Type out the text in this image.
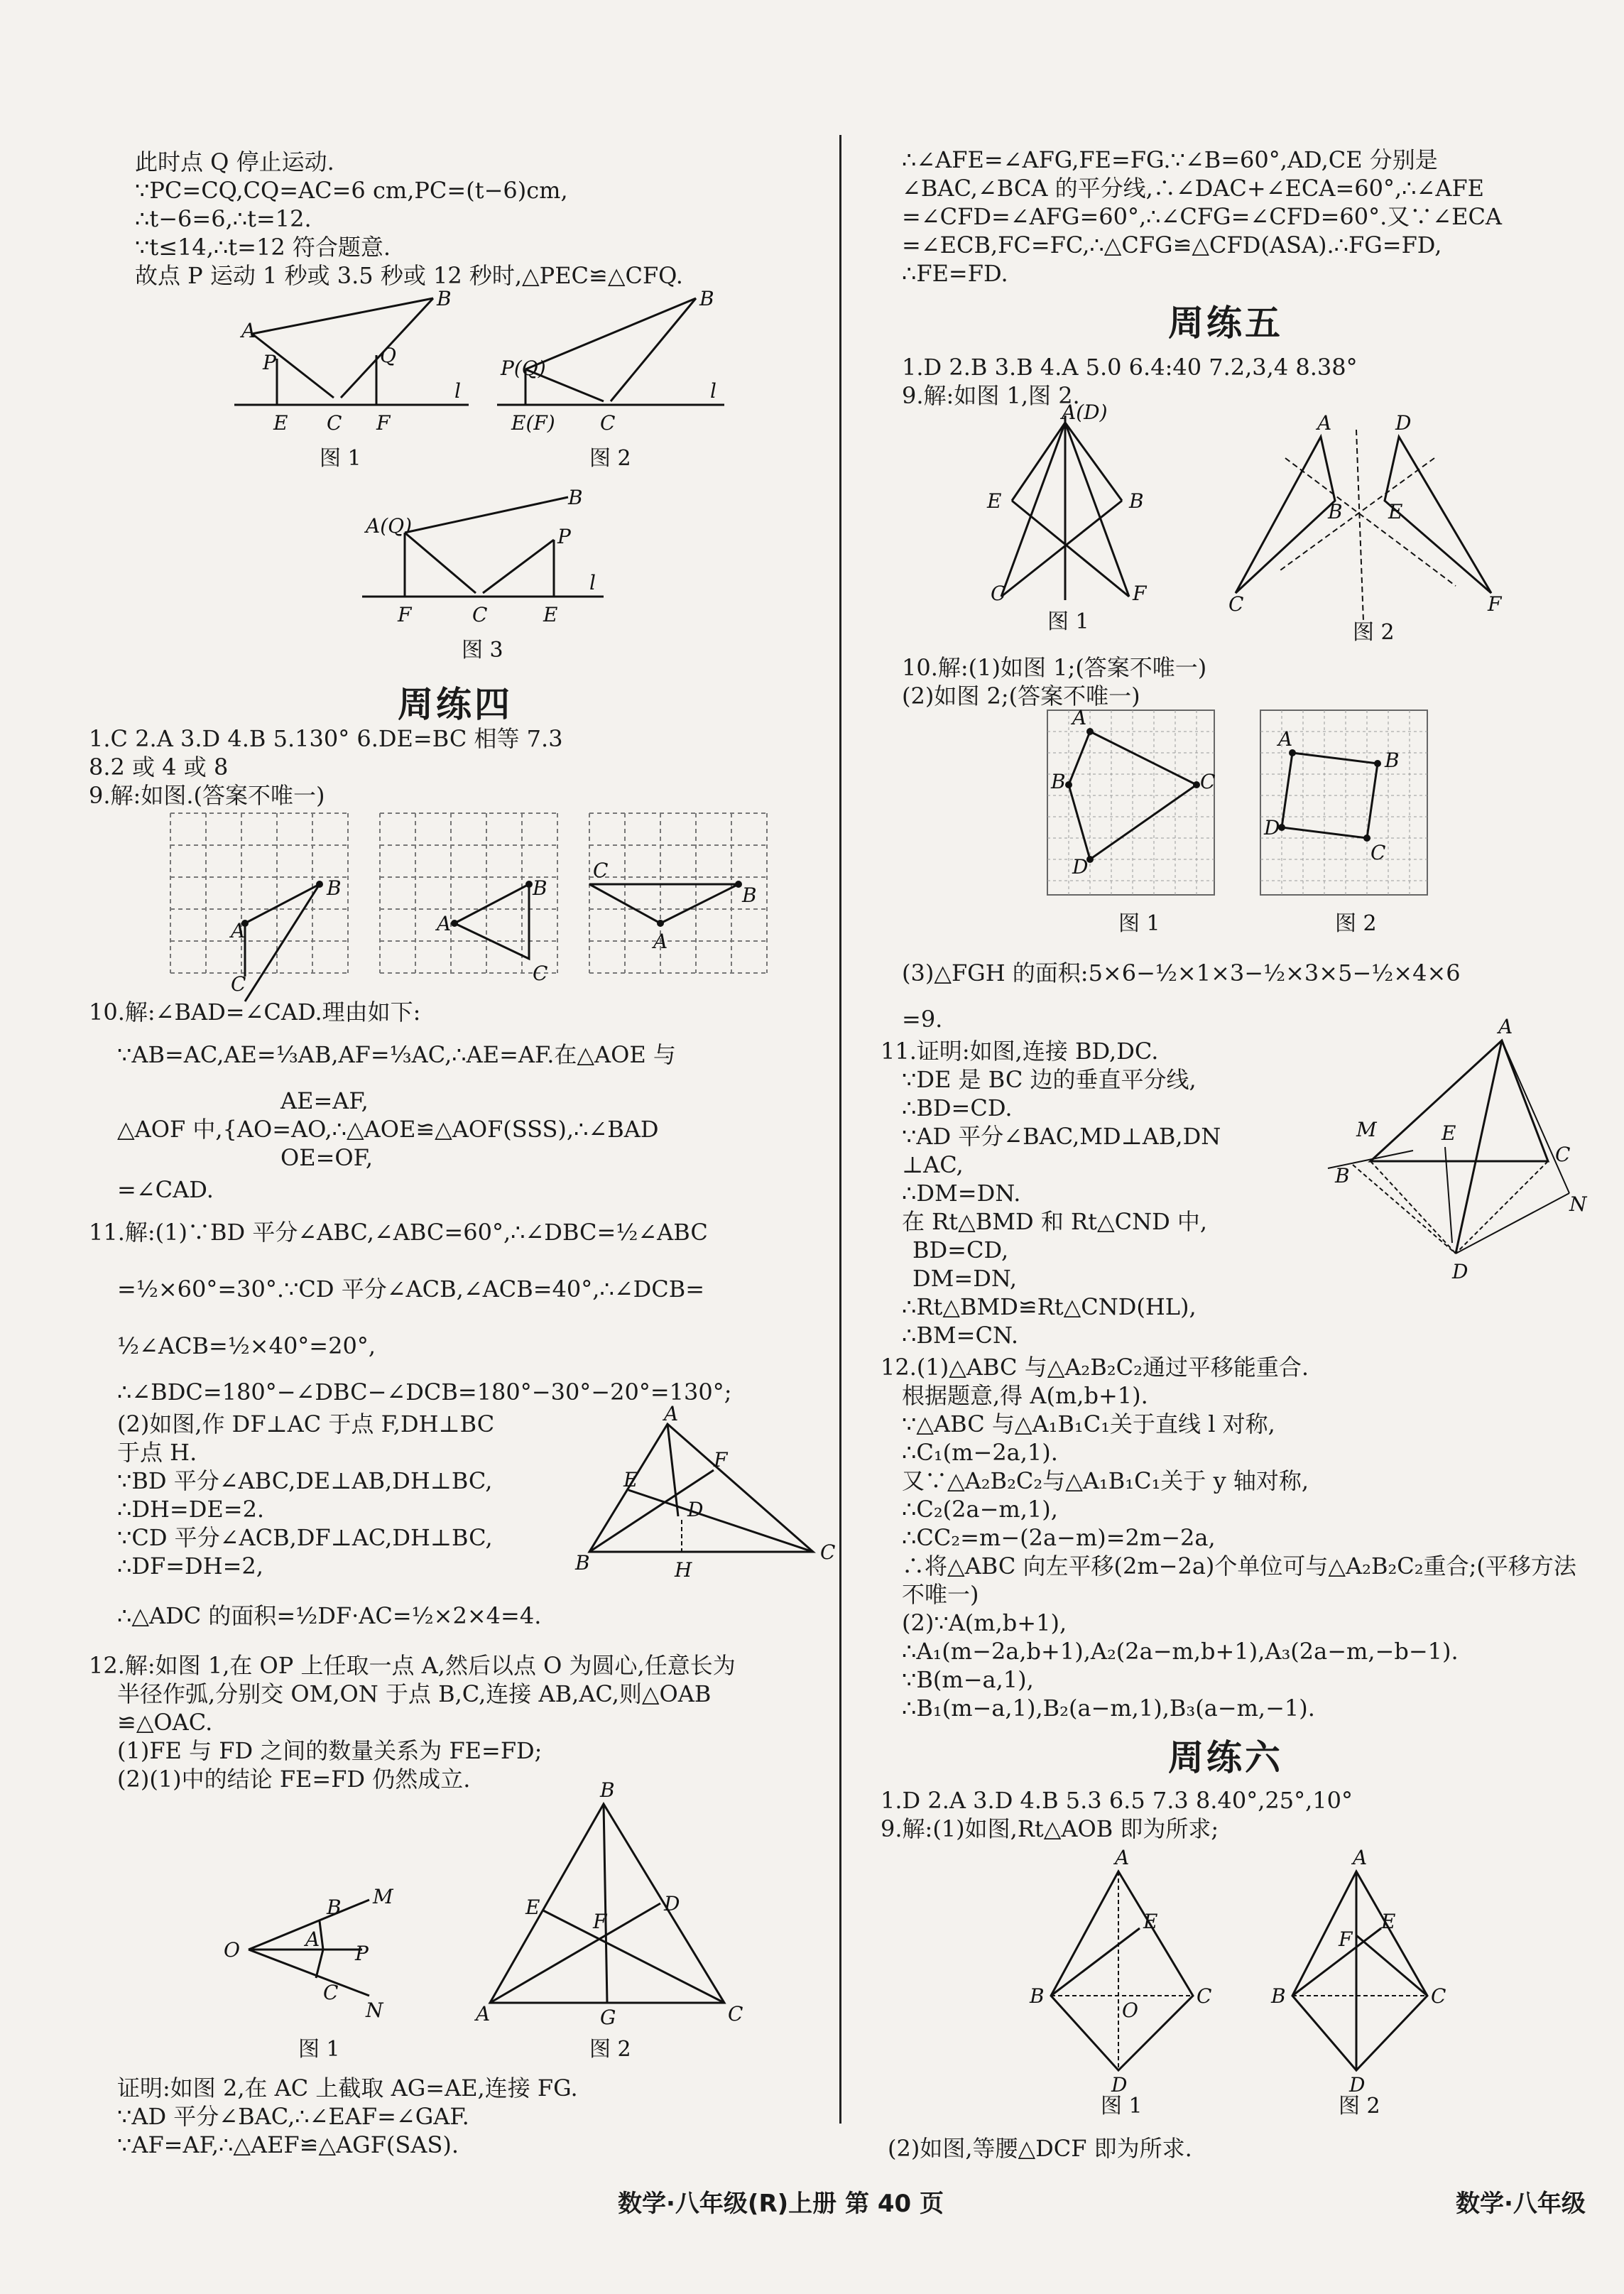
此时点 Q 停止运动.
∵PC=CQ,CQ=AC=6 cm,PC=(t−6)cm,
∴t−6=6,∴t=12.
∵t≤14,∴t=12 符合题意.
故点 P 运动 1 秒或 3.5 秒或 12 秒时,△PEC≌△CFQ.
A
B
P	Q
E C F
l
图 1
P(Q)
B
E(F) C
l
图 2
A(Q)
B
P
F	C	E
l
图 3
周练四
1.C 2.A 3.D 4.B 5.130° 6.DE=BC 相等 7.3
8.2 或 4 或 8
9.解:如图.(答案不唯一)
A
B
C
A
B
C
C
A
B
10.解:∠BAD=∠CAD.理由如下:
∵AB=AC,AE=⅓AB,AF=⅓AC,∴AE=AF.在△AOE 与
AE=AF,
△AOF 中,{AO=AO,∴△AOE≌△AOF(SSS),∴∠BAD
OE=OF,
=∠CAD.
11.解:(1)∵BD 平分∠ABC,∠ABC=60°,∴∠DBC=½∠ABC
=½×60°=30°.∵CD 平分∠ACB,∠ACB=40°,∴∠DCB=
½∠ACB=½×40°=20°,
∴∠BDC=180°−∠DBC−∠DCB=180°−30°−20°=130°;
(2)如图,作 DF⊥AC 于点 F,DH⊥BC
于点 H.
∵BD 平分∠ABC,DE⊥AB,DH⊥BC,
∴DH=DE=2.
∵CD 平分∠ACB,DF⊥AC,DH⊥BC,
∴DF=DH=2,
A
F
E
D
B	H
C
∴△ADC 的面积=½DF·AC=½×2×4=4.
12.解:如图 1,在 OP 上任取一点 A,然后以点 O 为圆心,任意长为
半径作弧,分别交 OM,ON 于点 B,C,连接 AB,AC,则△OAB
≌△OAC.
(1)FE 与 FD 之间的数量关系为 FE=FD;
(2)(1)中的结论 FE=FD 仍然成立.
O
M
B
A
P
C
N
图 1
B
E	D
F
A	G	C
图 2
证明:如图 2,在 AC 上截取 AG=AE,连接 FG.
∵AD 平分∠BAC,∴∠EAF=∠GAF.
∵AF=AF,∴△AEF≌△AGF(SAS).
数学·八年级(R)上册 第 40 页
∴∠AFE=∠AFG,FE=FG.∵∠B=60°,AD,CE 分别是
∠BAC,∠BCA 的平分线,∴∠DAC+∠ECA=60°,∴∠AFE
=∠CFD=∠AFG=60°,∴∠CFG=∠CFD=60°.又∵∠ECA
=∠ECB,FC=FC,∴△CFG≌△CFD(ASA).∴FG=FD,
∴FE=FD.
周练五
1.D 2.B 3.B 4.A 5.0 6.4:40 7.2,3,4 8.38°
9.解:如图 1,图 2.
A(D)
E	B
C	F
图 1
A	D
B E
C	F
图 2
10.解:(1)如图 1;(答案不唯一)
(2)如图 2;(答案不唯一)
A
B	C
D
A
B
C
D
图 1	图 2
(3)△FGH 的面积:5×6−½×1×3−½×3×5−½×4×6
=9.
11.证明:如图,连接 BD,DC.
∵DE 是 BC 边的垂直平分线,
∴BD=CD.
∵AD 平分∠BAC,MD⊥AB,DN
⊥AC,
∴DM=DN.
在 Rt△BMD 和 Rt△CND 中,
BD=CD,
DM=DN,
∴Rt△BMD≌Rt△CND(HL),
∴BM=CN.
A
M	E
B
C
N
D
12.(1)△ABC 与△A₂B₂C₂通过平移能重合.
根据题意,得 A(m,b+1).
∵△ABC 与△A₁B₁C₁关于直线 l 对称,
∴C₁(m−2a,1).
又∵△A₂B₂C₂与△A₁B₁C₁关于 y 轴对称,
∴C₂(2a−m,1),
∴CC₂=m−(2a−m)=2m−2a,
∴将△ABC 向左平移(2m−2a)个单位可与△A₂B₂C₂重合;(平移方法
不唯一)
(2)∵A(m,b+1),
∴A₁(m−2a,b+1),A₂(2a−m,b+1),A₃(2a−m,−b−1).
∵B(m−a,1),
∴B₁(m−a,1),B₂(a−m,1),B₃(a−m,−1).
周练六
1.D 2.A 3.D 4.B 5.3 6.5 7.3 8.40°,25°,10°
9.解:(1)如图,Rt△AOB 即为所求;
A
E
B
O
C
D
图 1
A
E
F
B	C
D
图 2
(2)如图,等腰△DCF 即为所求.
数学·八年级
